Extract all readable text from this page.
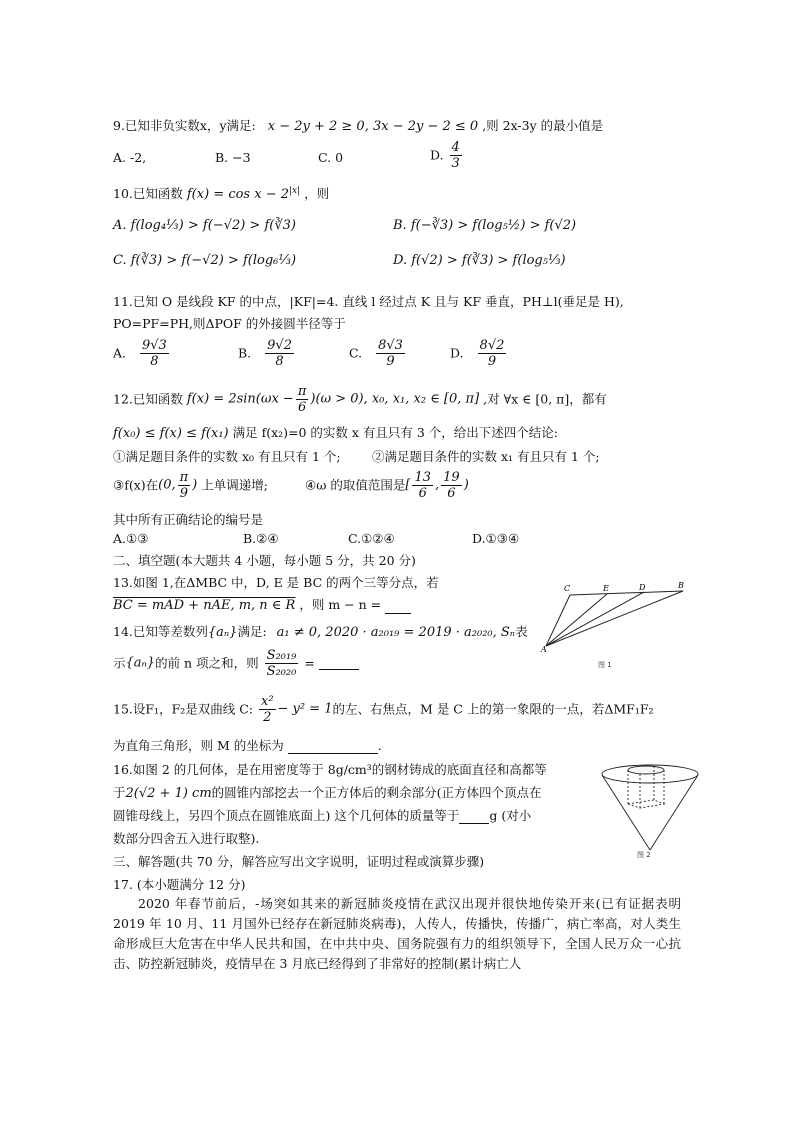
9.已知非负实数x，y满足: x − 2y + 2 ≥ 0, 3x − 2y − 2 ≤ 0 ,则 2x-3y 的最小值是
A. -2,	B. −3	C. 0	D. $\frac{4}{3}$
10.已知函数 $f(x) = \cos x - 2^{|x|}$ ，则
A. f(log₄⅓) > f(−√2) > f(∛3)	B. f(−∛3) > f(log₅½) > f(√2)
C. f(∛3) > f(−√2) > f(log₆⅓)	D. f(√2) > f(∛3) > f(log₅⅓)
11.已知 O 是线段 KF 的中点，|KF|=4. 直线 l 经过点 K 且与 KF 垂直，PH⊥l(垂足是 H),
PO=PF=PH,则ΔPOF 的外接圆半径等于
A. $\frac{9√3}{8}$	B. $\frac{9√2}{8}$	C. $\frac{8√3}{9}$	D. $\frac{8√2}{9}$
12.已知函数 $f(x) = 2\sin(\omega x - \frac{\pi}{6} )(\omega > 0)$, x₀, x₁, x₂ ∈ [0, π] ,对 ∀x ∈ [0, π]，都有
f(x₀) ≤ f(x) ≤ f(x₁) 满足 f(x₂)=0 的实数 x 有且只有 3 个，给出下述四个结论:
①满足题目条件的实数 x₀ 有且只有 1 个;	②满足题目条件的实数 x₁ 有且只有 1 个;
③f(x)在(0, $\frac{\pi}{9}$ ) 上单调递增;	④ω 的取值范围是[ $\frac{13}{6}$ , $\frac{19}{6}$ )
其中所有正确结论的编号是
A.①③	B.②④	C.①②④	D.①③④
二、填空题(本大题共 4 小题，每小题 5 分，共 20 分)
13.如图 1,在ΔMBC 中，D, E 是 BC 的两个三等分点，若
BC = mAD + nAE, m, n ∈ R ，则 m − n =
C	E	D	B
A
图 1
14.已知等差数列{aₙ}满足: a₁ ≠ 0, 2020 · a₂₀₁₉ = 2019 · a₂₀₂₀, Sₙ表
示{aₙ}的前 n 项之和，则 $\frac{\text{S₂₀₁₉}}{\text{S₂₀₂₀}}$ =
15.设F₁，F₂是双曲线 C: $\frac{\text{x²}}{2} - y^2 = 1$的左、右焦点，M 是 C 上的第一象限的一点，若ΔMF₁F₂
为直角三角形，则 M 的坐标为	.
16.如图 2 的几何体，是在用密度等于 8g/cm³的钢材铸成的底面直径和高都等
于2(√2 + 1) cm的圆锥内部挖去一个正方体后的剩余部分(正方体四个顶点在
圆锥母线上，另四个顶点在圆锥底面上) 这个几何体的质量等于 g (对小
数部分四舍五入进行取整).
图 2
三、解答题(共 70 分，解答应写出文字说明，证明过程或演算步骤)
17. (本小题满分 12 分)
2020 年春节前后，-场突如其来的新冠肺炎疫情在武汉出现并很快地传染开来(已有证据表明 2019 年 10 月、11 月国外已经存在新冠肺炎病毒)，人传人，传播快，传播广，病亡率高，对人类生命形成巨大危害在中华人民共和国，在中共中央、国务院强有力的组织领导下，全国人民万众一心抗击、防控新冠肺炎，疫情早在 3 月底已经得到了非常好的控制(累计病亡人
